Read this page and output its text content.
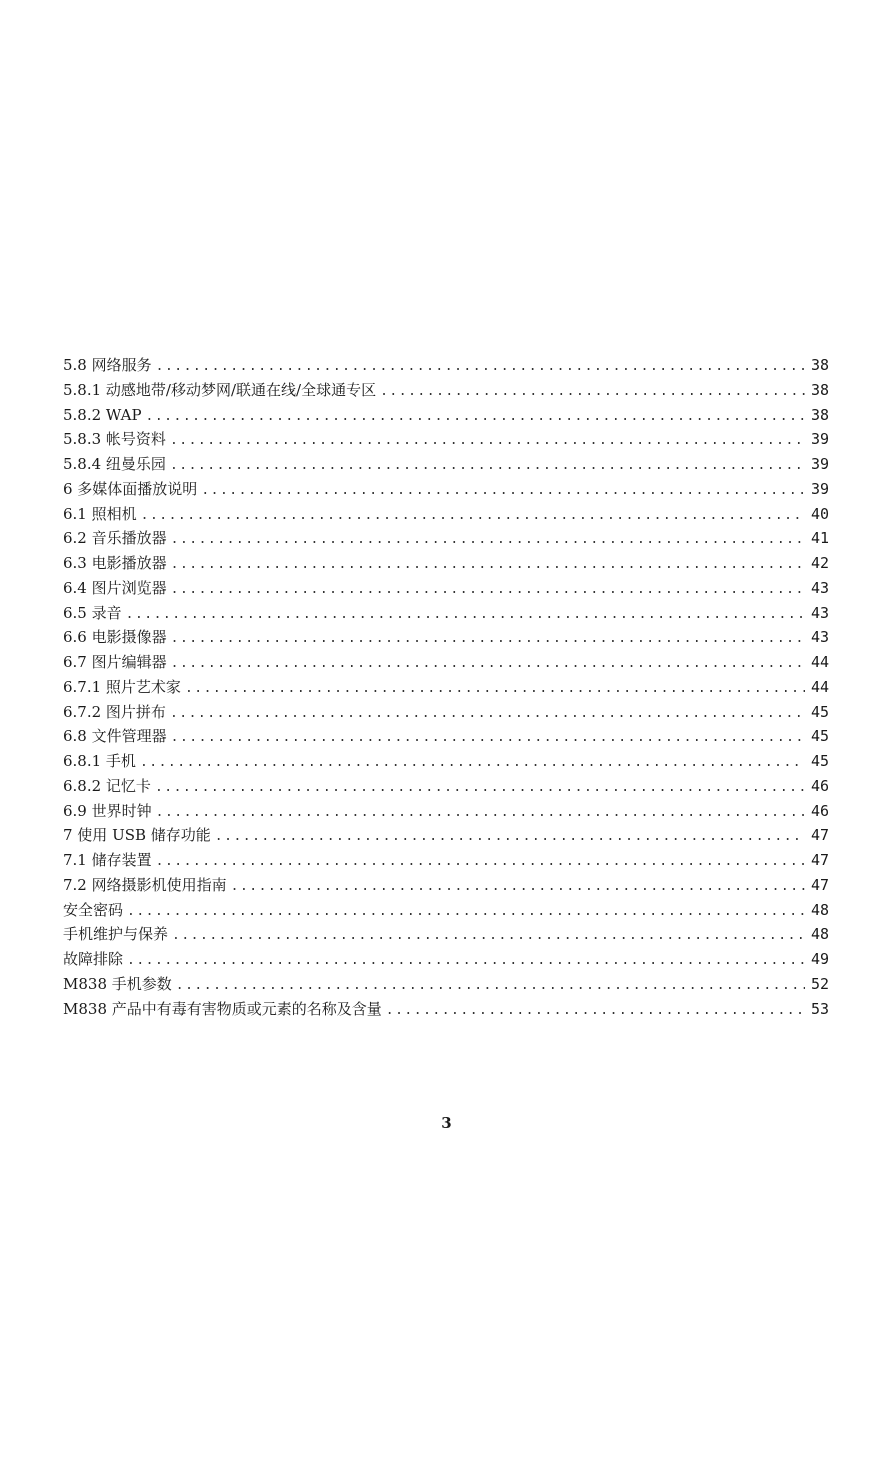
5.8 网络服务 .....	38
5.8.1 动感地带/移动梦网/联通在线/全球通专区 .....	38
5.8.2 WAP .....	38
5.8.3 帐号资料 .....	39
5.8.4 纽曼乐园 .....	39
6 多媒体面播放说明 .....	39
6.1 照相机 .....	40
6.2 音乐播放器 .....	41
6.3 电影播放器 .....	42
6.4 图片浏览器 .....	43
6.5 录音 .....	43
6.6 电影摄像器 .....	43
6.7 图片编辑器 .....	44
6.7.1 照片艺术家 .....	44
6.7.2 图片拼布 .....	45
6.8 文件管理器 .....	45
6.8.1 手机 .....	45
6.8.2 记忆卡 .....	46
6.9 世界时钟 .....	46
7 使用 USB 储存功能 .....	47
7.1 储存装置 .....	47
7.2 网络摄影机使用指南 .....	47
安全密码 .....	48
手机维护与保养 .....	48
故障排除 .....	49
M838 手机参数 .....	52
M838 产品中有毒有害物质或元素的名称及含量 .....	53
3
